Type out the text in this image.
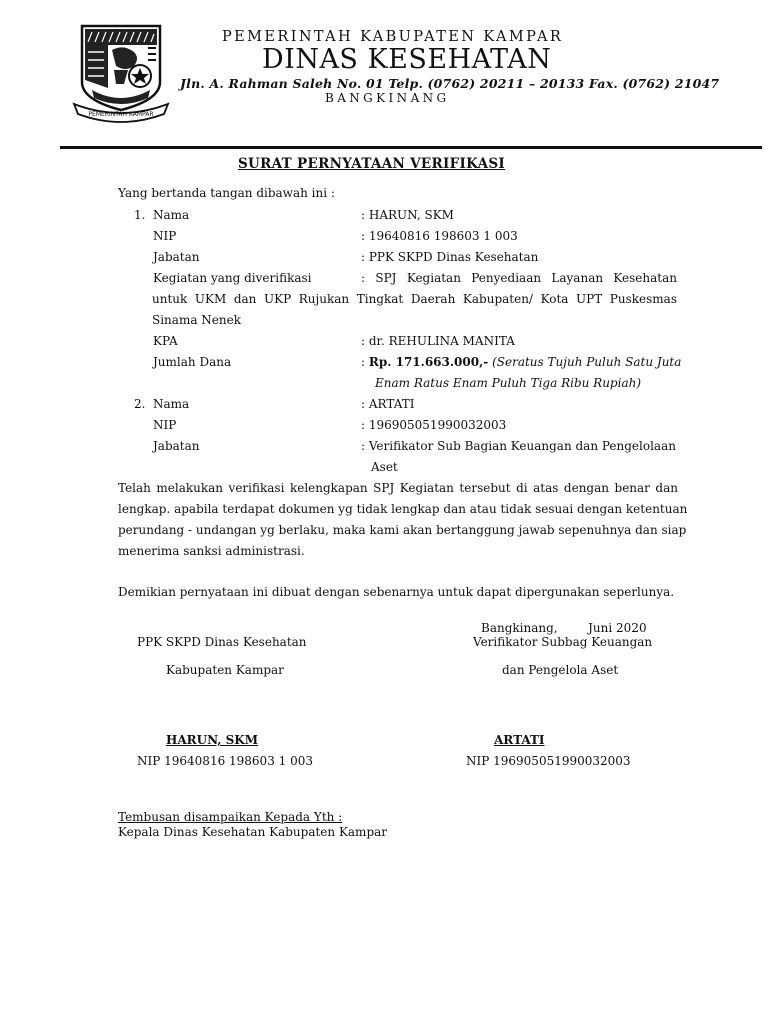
PEMERINTAH KAMPAR
PEMERINTAH KABUPATEN KAMPAR
DINAS KESEHATAN
Jln. A. Rahman Saleh No. 01 Telp. (0762) 20211 – 20133 Fax. (0762) 21047
BANGKINANG
SURAT PERNYATAAN VERIFIKASI
Yang bertanda tangan dibawah ini :
1. Nama	: HARUN, SKM
NIP	: 19640816 198603 1 003
Jabatan	: PPK SKPD Dinas Kesehatan
Kegiatan yang diverifikasi	: SPJ Kegiatan Penyediaan Layanan Kesehatan
untuk UKM dan UKP Rujukan Tingkat Daerah Kabupaten/ Kota UPT Puskesmas
Sinama Nenek
KPA	: dr. REHULINA MANITA
Jumlah Dana	: Rp. 171.663.000,- (Seratus Tujuh Puluh Satu Juta
Enam Ratus Enam Puluh Tiga Ribu Rupiah)
2. Nama	: ARTATI
NIP	: 196905051990032003
Jabatan	: Verifikator Sub Bagian Keuangan dan Pengelolaan
Aset
Telah melakukan verifikasi kelengkapan SPJ Kegiatan tersebut di atas dengan benar dan
lengkap. apabila terdapat dokumen yg tidak lengkap dan atau tidak sesuai dengan ketentuan
perundang - undangan yg berlaku, maka kami akan bertanggung jawab sepenuhnya dan siap
menerima sanksi administrasi.
Demikian pernyataan ini dibuat dengan sebenarnya untuk dapat dipergunakan seperlunya.
Bangkinang,        Juni 2020
PPK SKPD Dinas Kesehatan
Kabupaten Kampar
HARUN, SKM
NIP 19640816 198603 1 003
Verifikator Subbag Keuangan
dan Pengelola Aset
ARTATI
NIP 196905051990032003
Tembusan disampaikan Kepada Yth :
Kepala Dinas Kesehatan Kabupaten Kampar
